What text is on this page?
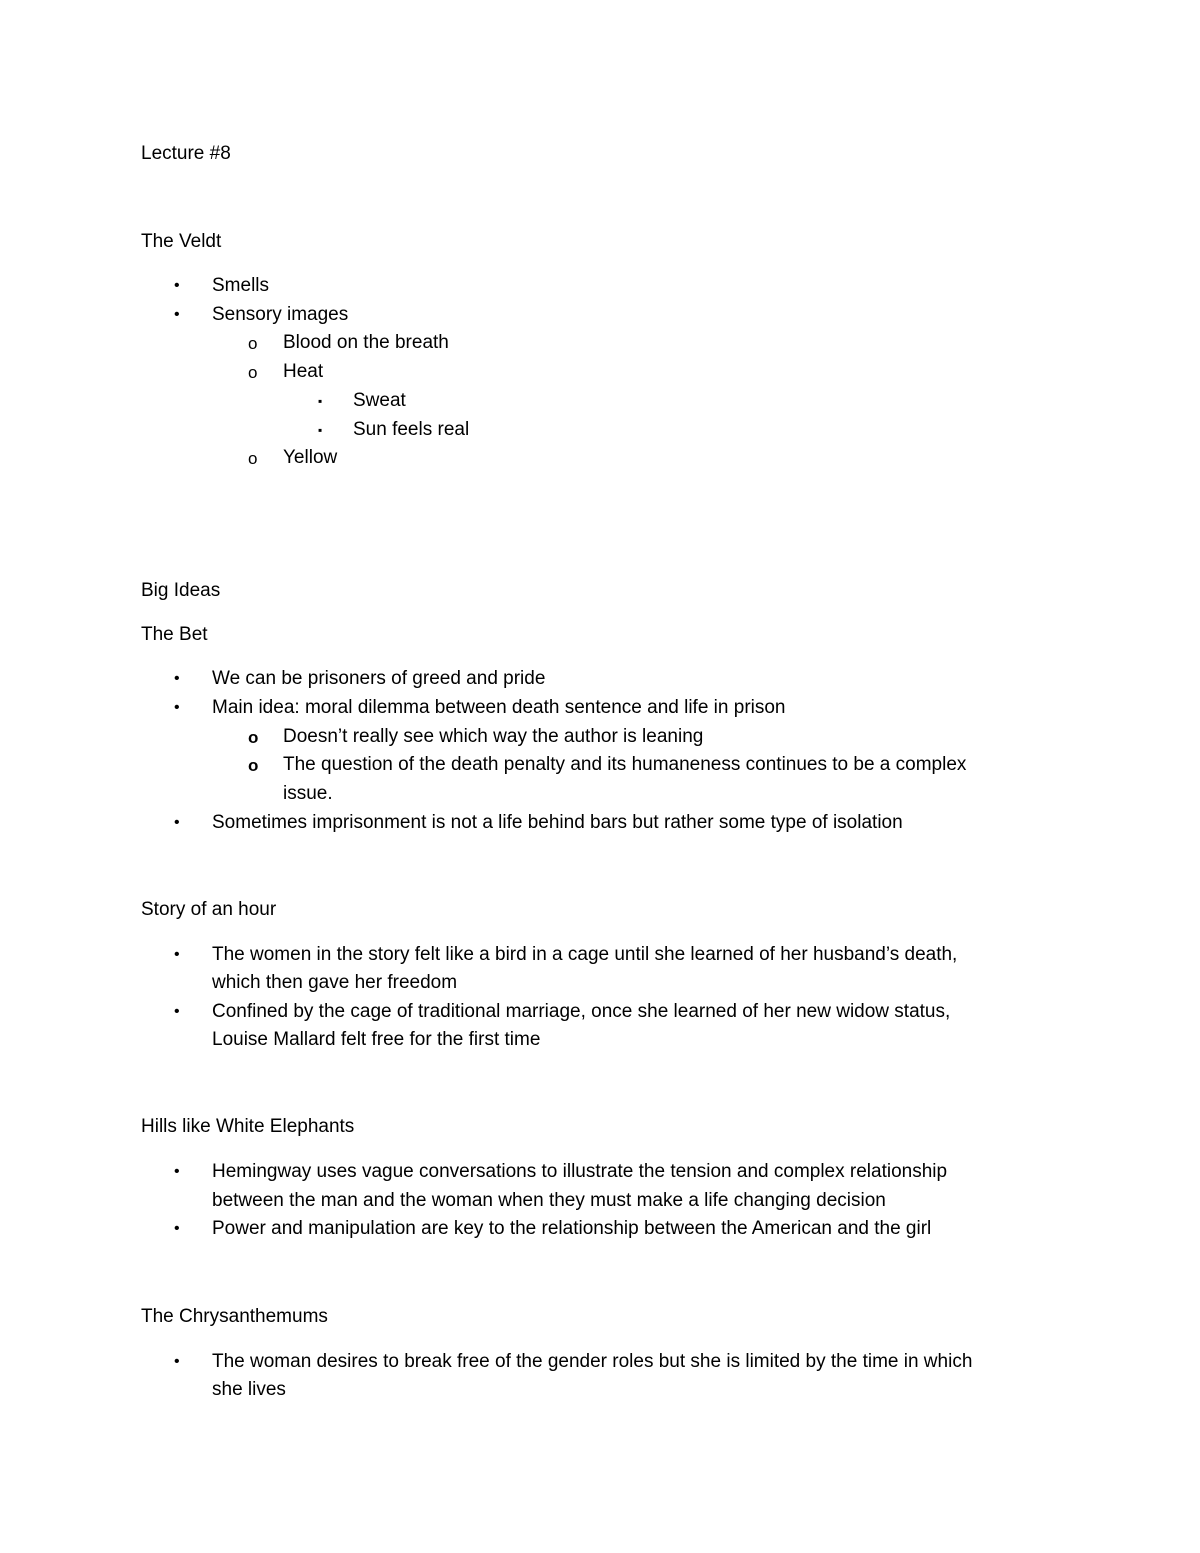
Lecture #8
The Veldt
• Smells
• Sensory images
o Blood on the breath
o Heat
▪ Sweat
▪ Sun feels real
o Yellow
Big Ideas
The Bet
• We can be prisoners of greed and pride
• Main idea: moral dilemma between death sentence and life in prison
o Doesn’t really see which way the author is leaning
o The question of the death penalty and its humaneness continues to be a complex
issue.
• Sometimes imprisonment is not a life behind bars but rather some type of isolation
Story of an hour
• The women in the story felt like a bird in a cage until she learned of her husband’s death,
which then gave her freedom
• Confined by the cage of traditional marriage, once she learned of her new widow status,
Louise Mallard felt free for the first time
Hills like White Elephants
• Hemingway uses vague conversations to illustrate the tension and complex relationship
between the man and the woman when they must make a life changing decision
• Power and manipulation are key to the relationship between the American and the girl
The Chrysanthemums
• The woman desires to break free of the gender roles but she is limited by the time in which
she lives
